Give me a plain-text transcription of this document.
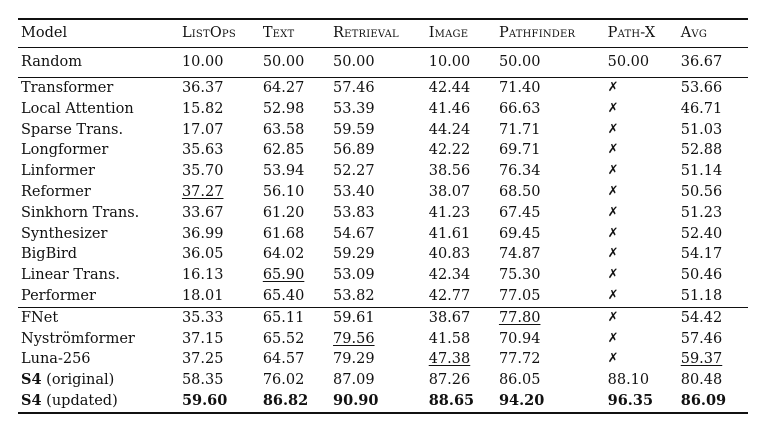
Model	ListOps	Text	Retrieval	Image	Pathfinder	Path-X	Avg
Random	10.00	50.00	50.00	10.00	50.00	50.00	36.67
Transformer	36.37	64.27	57.46	42.44	71.40	✗	53.66
Local Attention	15.82	52.98	53.39	41.46	66.63	✗	46.71
Sparse Trans.	17.07	63.58	59.59	44.24	71.71	✗	51.03
Longformer	35.63	62.85	56.89	42.22	69.71	✗	52.88
Linformer	35.70	53.94	52.27	38.56	76.34	✗	51.14
Reformer	37.27	56.10	53.40	38.07	68.50	✗	50.56
Sinkhorn Trans.	33.67	61.20	53.83	41.23	67.45	✗	51.23
Synthesizer	36.99	61.68	54.67	41.61	69.45	✗	52.40
BigBird	36.05	64.02	59.29	40.83	74.87	✗	54.17
Linear Trans.	16.13	65.90	53.09	42.34	75.30	✗	50.46
Performer	18.01	65.40	53.82	42.77	77.05	✗	51.18
FNet	35.33	65.11	59.61	38.67	77.80	✗	54.42
Nyströmformer	37.15	65.52	79.56	41.58	70.94	✗	57.46
Luna-256	37.25	64.57	79.29	47.38	77.72	✗	59.37
S4 (original)	58.35	76.02	87.09	87.26	86.05	88.10	80.48
S4 (updated)	59.60	86.82	90.90	88.65	94.20	96.35	86.09
